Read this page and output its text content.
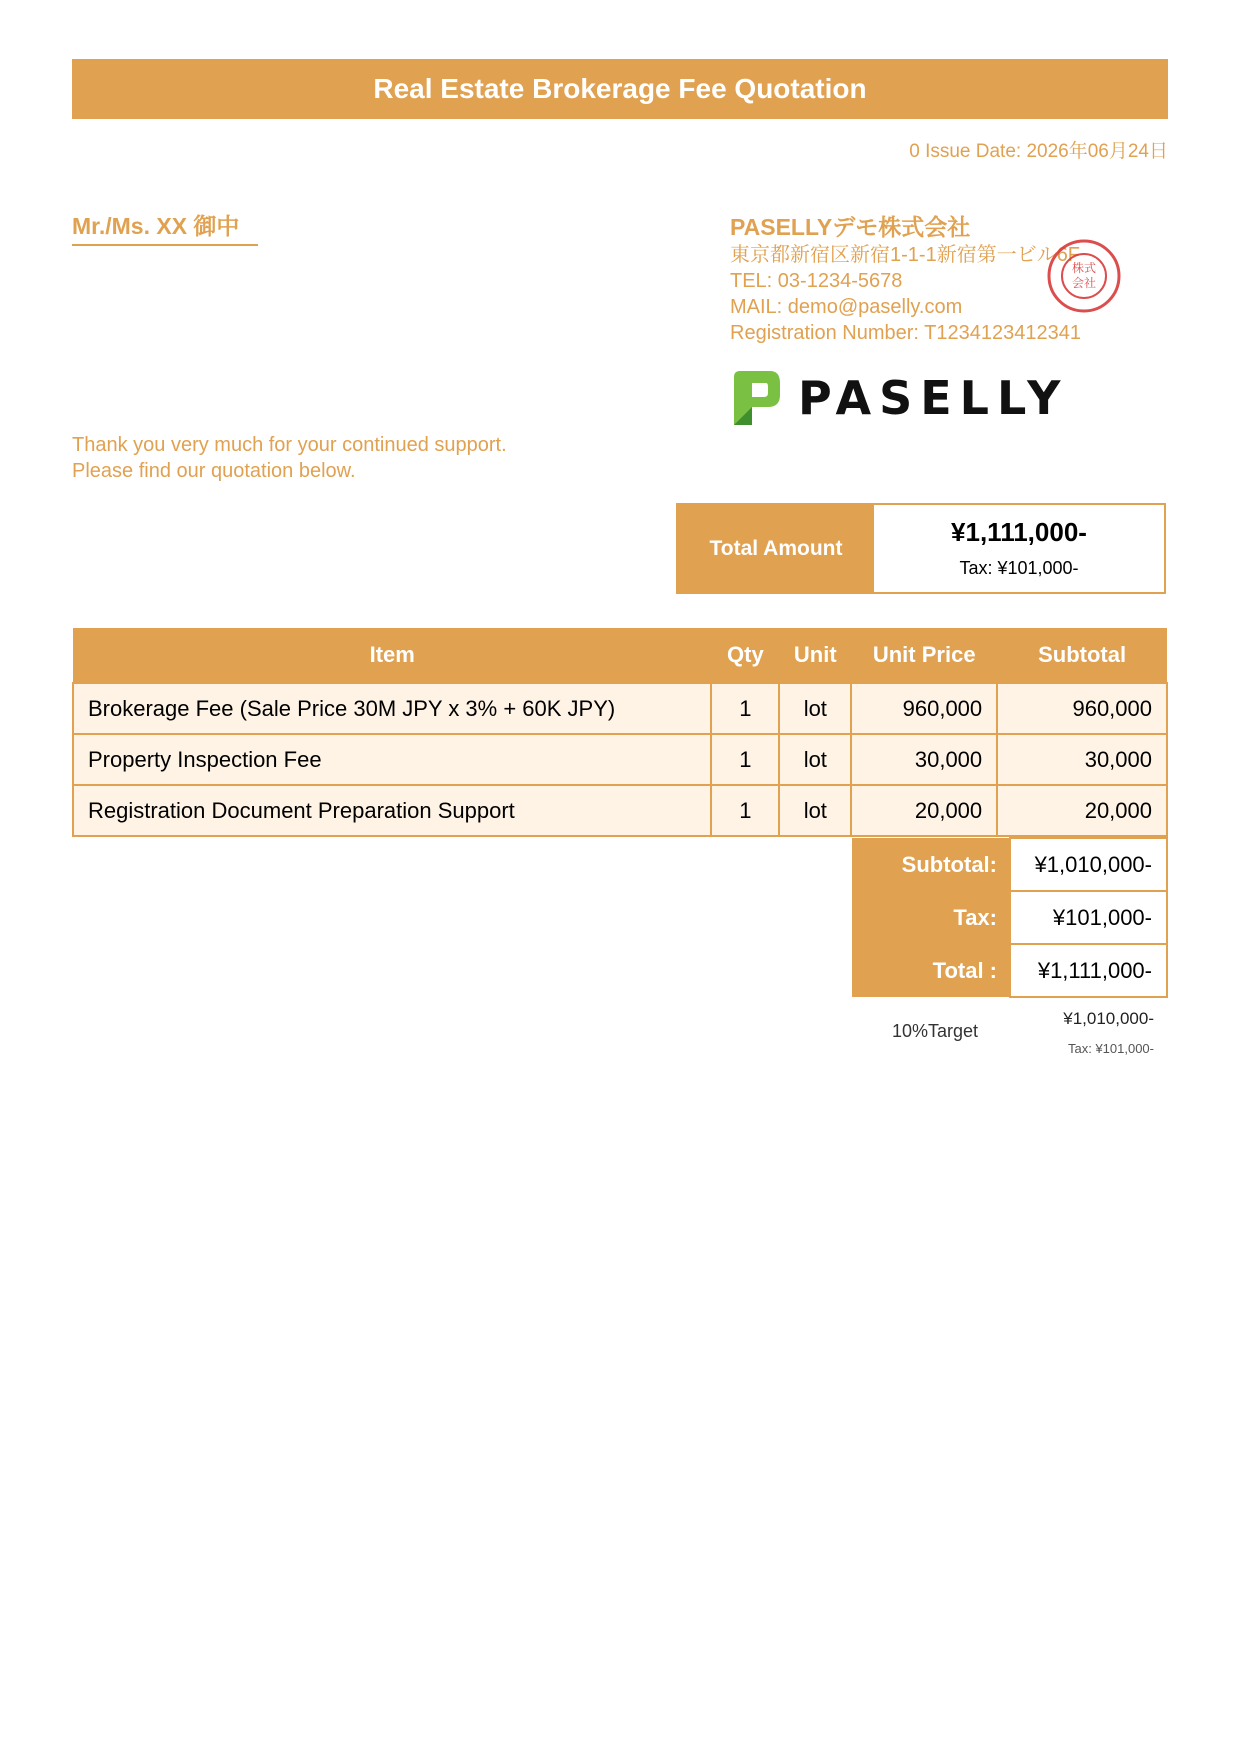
Real Estate Brokerage Fee Quotation
0 Issue Date: 2026年06月24日
Mr./Ms. XX 御中	PASELLYデモ株式会社
東京都新宿区新宿1-1-1新宿第一ビル6F
TEL: 03-1234-5678
MAIL: demo@paselly.com
Registration Number: T1234123412341
株式
会社
PASELLY
Thank you very much for your continued support.
Please find our quotation below.
Total Amount
¥1,111,000-
Tax: ¥101,000-
Item	Qty	Unit	Unit Price	Subtotal
Brokerage Fee (Sale Price 30M JPY x 3% + 60K JPY)	1	lot	960,000	960,000
Property Inspection Fee	1	lot	30,000	30,000
Registration Document Preparation Support	1	lot	20,000	20,000
Subtotal:	¥1,010,000-
Tax:	¥101,000-
Total :	¥1,111,000-
10%Target
¥1,010,000-
Tax: ¥101,000-
